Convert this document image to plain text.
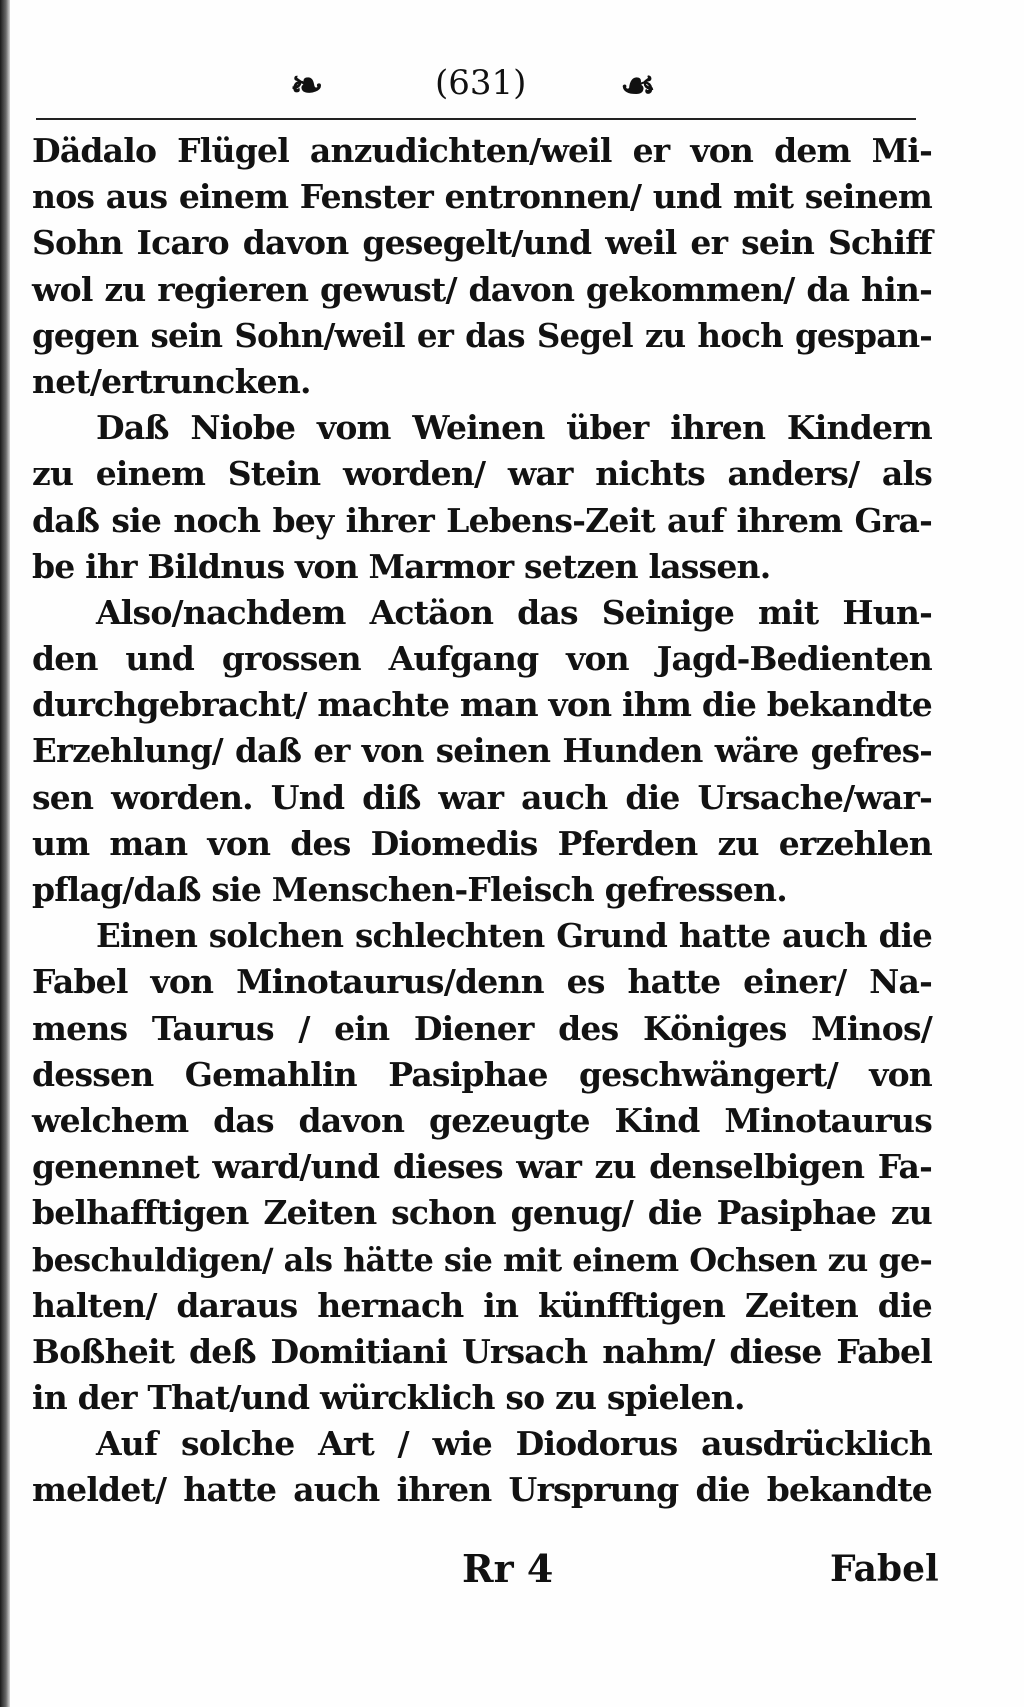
❧	(631) ☙
Dädalo Flügel anzudichten/weil er von dem Mi-
nos aus einem Fenster entronnen/ und mit seinem
Sohn Icaro davon gesegelt/und weil er sein Schiff
wol zu regieren gewust/ davon gekommen/ da hin-
gegen sein Sohn/weil er das Segel zu hoch gespan-
net/ertruncken.
Daß Niobe vom Weinen über ihren Kindern
zu einem Stein worden/ war nichts anders/ als
daß sie noch bey ihrer Lebens-Zeit auf ihrem Gra-
be ihr Bildnus von Marmor setzen lassen.
Also/nachdem Actäon das Seinige mit Hun-
den und grossen Aufgang von Jagd-Bedienten
durchgebracht/ machte man von ihm die bekandte
Erzehlung/ daß er von seinen Hunden wäre gefres-
sen worden. Und diß war auch die Ursache/war-
um man von des Diomedis Pferden zu erzehlen
pflag/daß sie Menschen-Fleisch gefressen.
Einen solchen schlechten Grund hatte auch die
Fabel von Minotaurus/denn es hatte einer/ Na-
mens Taurus / ein Diener des Königes Minos/
dessen Gemahlin Pasiphae geschwängert/ von
welchem das davon gezeugte Kind Minotaurus
genennet ward/und dieses war zu denselbigen Fa-
belhafftigen Zeiten schon genug/ die Pasiphae zu
beschuldigen/ als hätte sie mit einem Ochsen zu ge-
halten/ daraus hernach in künfftigen Zeiten die
Boßheit deß Domitiani Ursach nahm/ diese Fabel
in der That/und würcklich so zu spielen.
Auf solche Art / wie Diodorus ausdrücklich
meldet/ hatte auch ihren Ursprung die bekandte
Rr 4	Fabel
